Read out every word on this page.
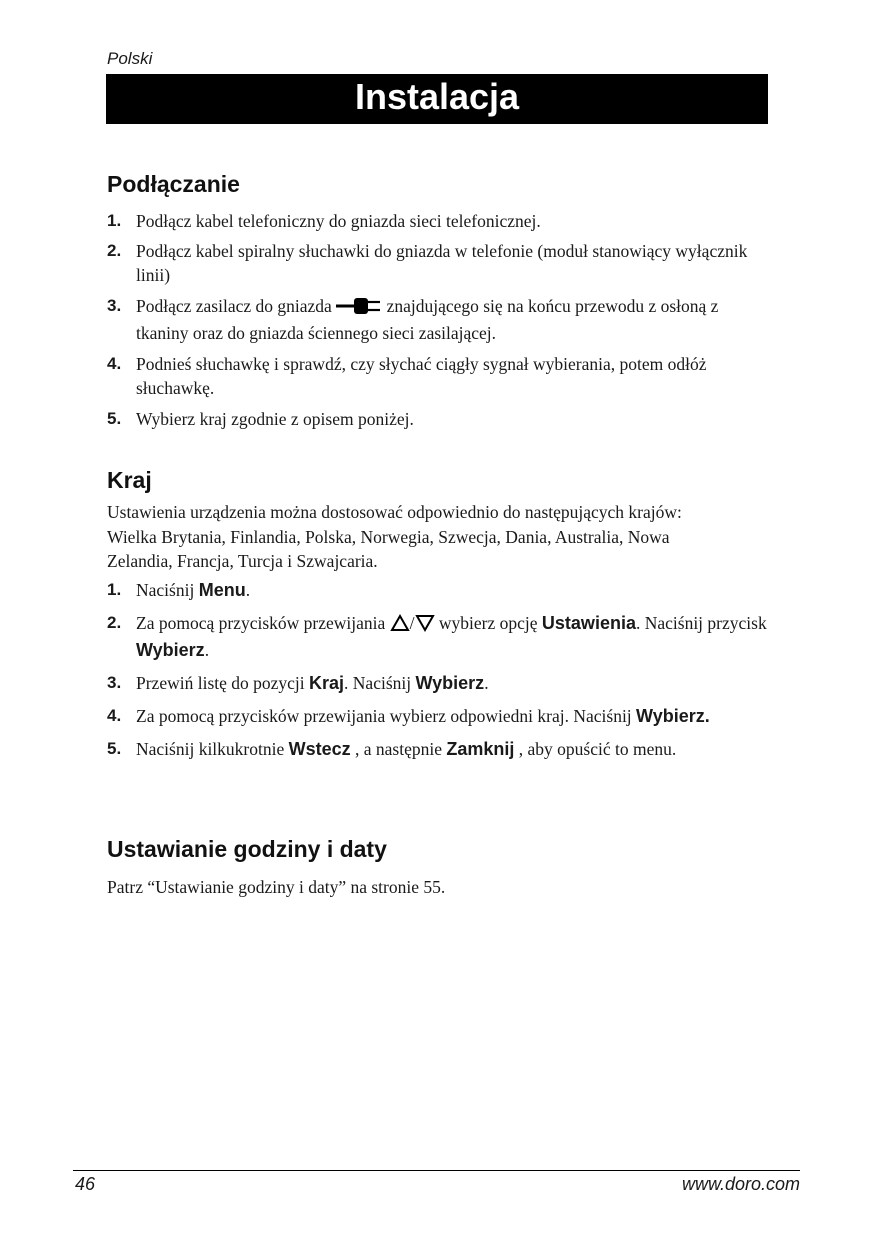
Polski
Instalacja
Podłączanie
1. Podłącz kabel telefoniczny do gniazda sieci telefonicznej.
2. Podłącz kabel spiralny słuchawki do gniazda w telefonie (moduł stanowiący wyłącznik linii)
3. Podłącz zasilacz do gniazda	znajdującego się na końcu przewodu z osłoną z tkaniny oraz do gniazda ściennego sieci zasilającej.
4. Podnieś słuchawkę i sprawdź, czy słychać ciągły sygnał wybierania, potem odłóż słuchawkę.
5. Wybierz kraj zgodnie z opisem poniżej.
Kraj

Ustawienia urządzenia można dostosować odpowiednio do następujących krajów: Wielka Brytania, Finlandia, Polska, Norwegia, Szwecja, Dania, Australia, Nowa Zelandia, Francja, Turcja i Szwajcaria.

1. Naciśnij Menu.
2. Za pomocą przycisków przewijania / wybierz opcję Ustawienia. Naciśnij przycisk Wybierz.
3. Przewiń listę do pozycji Kraj. Naciśnij Wybierz.
4. Za pomocą przycisków przewijania wybierz odpowiedni kraj. Naciśnij Wybierz.
5. Naciśnij kilkukrotnie Wstecz , a następnie Zamknij , aby opuścić to menu.
Ustawianie godziny i daty

Patrz “Ustawianie godziny i daty” na stronie 55.

46	www.doro.com
